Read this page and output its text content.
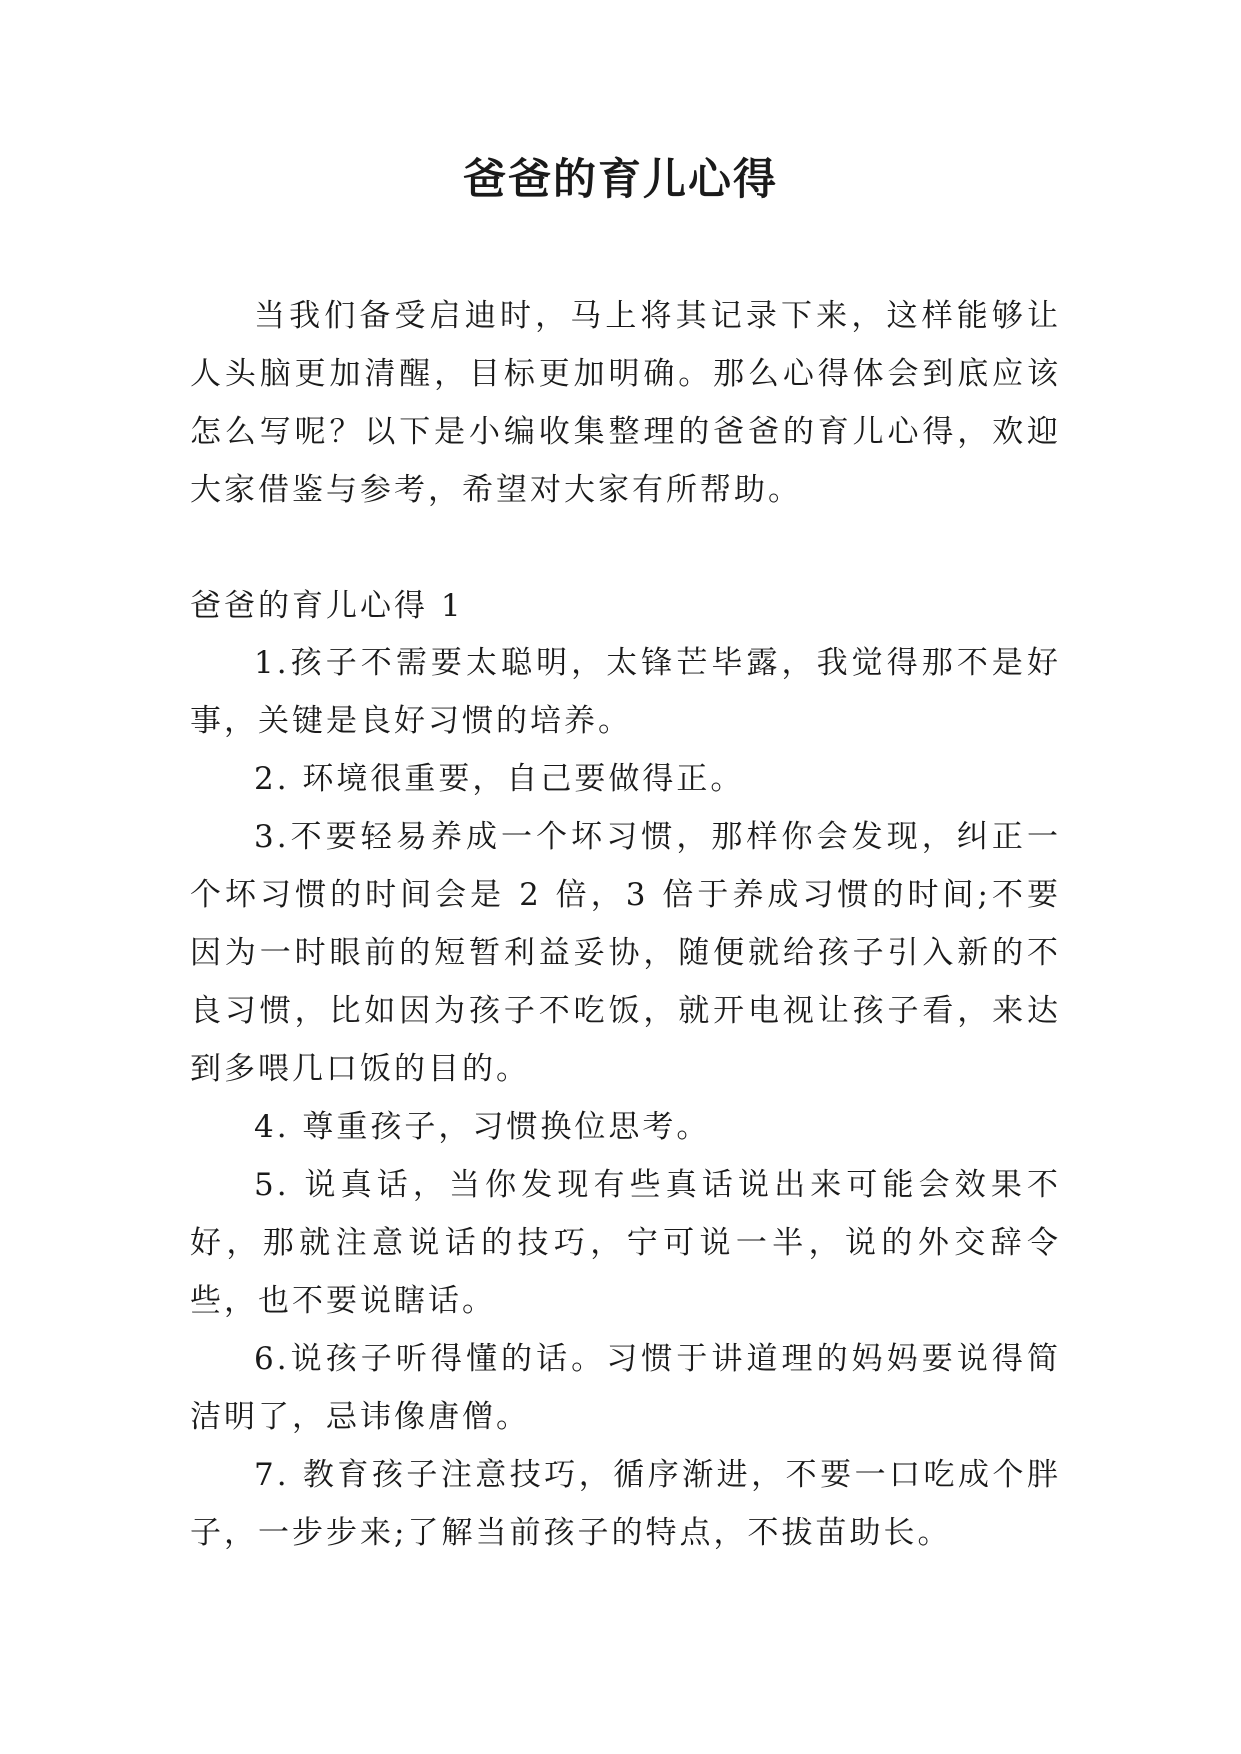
爸爸的育儿心得

当我们备受启迪时，马上将其记录下来，这样能够让人头脑更加清醒，目标更加明确。那么心得体会到底应该怎么写呢？以下是小编收集整理的爸爸的育儿心得，欢迎大家借鉴与参考，希望对大家有所帮助。

爸爸的育儿心得 1

1.孩子不需要太聪明，太锋芒毕露，我觉得那不是好事，关键是良好习惯的培养。

2. 环境很重要，自己要做得正。

3.不要轻易养成一个坏习惯，那样你会发现，纠正一个坏习惯的时间会是 2 倍，3 倍于养成习惯的时间;不要因为一时眼前的短暂利益妥协，随便就给孩子引入新的不良习惯，比如因为孩子不吃饭，就开电视让孩子看，来达到多喂几口饭的目的。

4. 尊重孩子，习惯换位思考。

5. 说真话，当你发现有些真话说出来可能会效果不好，那就注意说话的技巧，宁可说一半，说的外交辞令些，也不要说瞎话。

6.说孩子听得懂的话。习惯于讲道理的妈妈要说得简洁明了，忌讳像唐僧。

7. 教育孩子注意技巧，循序渐进，不要一口吃成个胖子，一步步来;了解当前孩子的特点，不拔苗助长。
